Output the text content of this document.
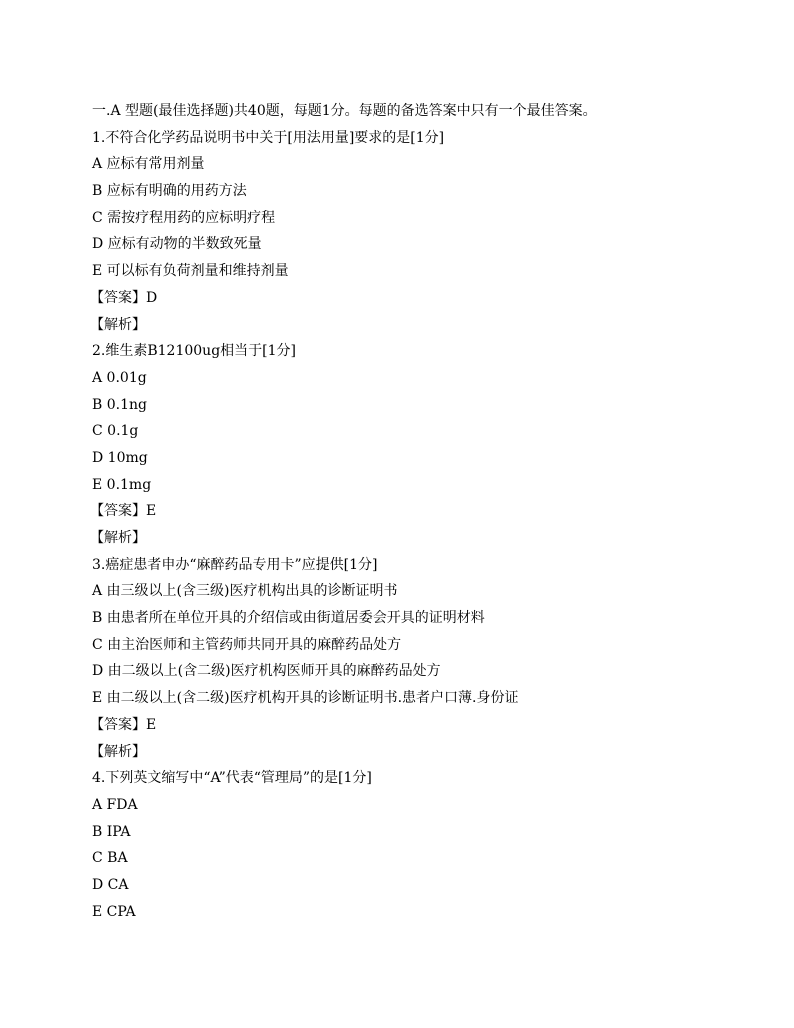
一.A 型题(最佳选择题)共40题，每题1分。每题的备选答案中只有一个最佳答案。
1.不符合化学药品说明书中关于[用法用量]要求的是[1分]
A 应标有常用剂量
B 应标有明确的用药方法
C 需按疗程用药的应标明疗程
D 应标有动物的半数致死量
E 可以标有负荷剂量和维持剂量
【答案】D
【解析】
2.维生素B12100ug相当于[1分]
A 0.01g
B 0.1ng
C 0.1g
D 10mg
E 0.1mg
【答案】E
【解析】
3.癌症患者申办“麻醉药品专用卡”应提供[1分]
A 由三级以上(含三级)医疗机构出具的诊断证明书
B 由患者所在单位开具的介绍信或由街道居委会开具的证明材料
C 由主治医师和主管药师共同开具的麻醉药品处方
D 由二级以上(含二级)医疗机构医师开具的麻醉药品处方
E 由二级以上(含二级)医疗机构开具的诊断证明书.患者户口薄.身份证
【答案】E
【解析】
4.下列英文缩写中“A”代表“管理局”的是[1分]
A FDA
B IPA
C BA
D CA
E CPA
